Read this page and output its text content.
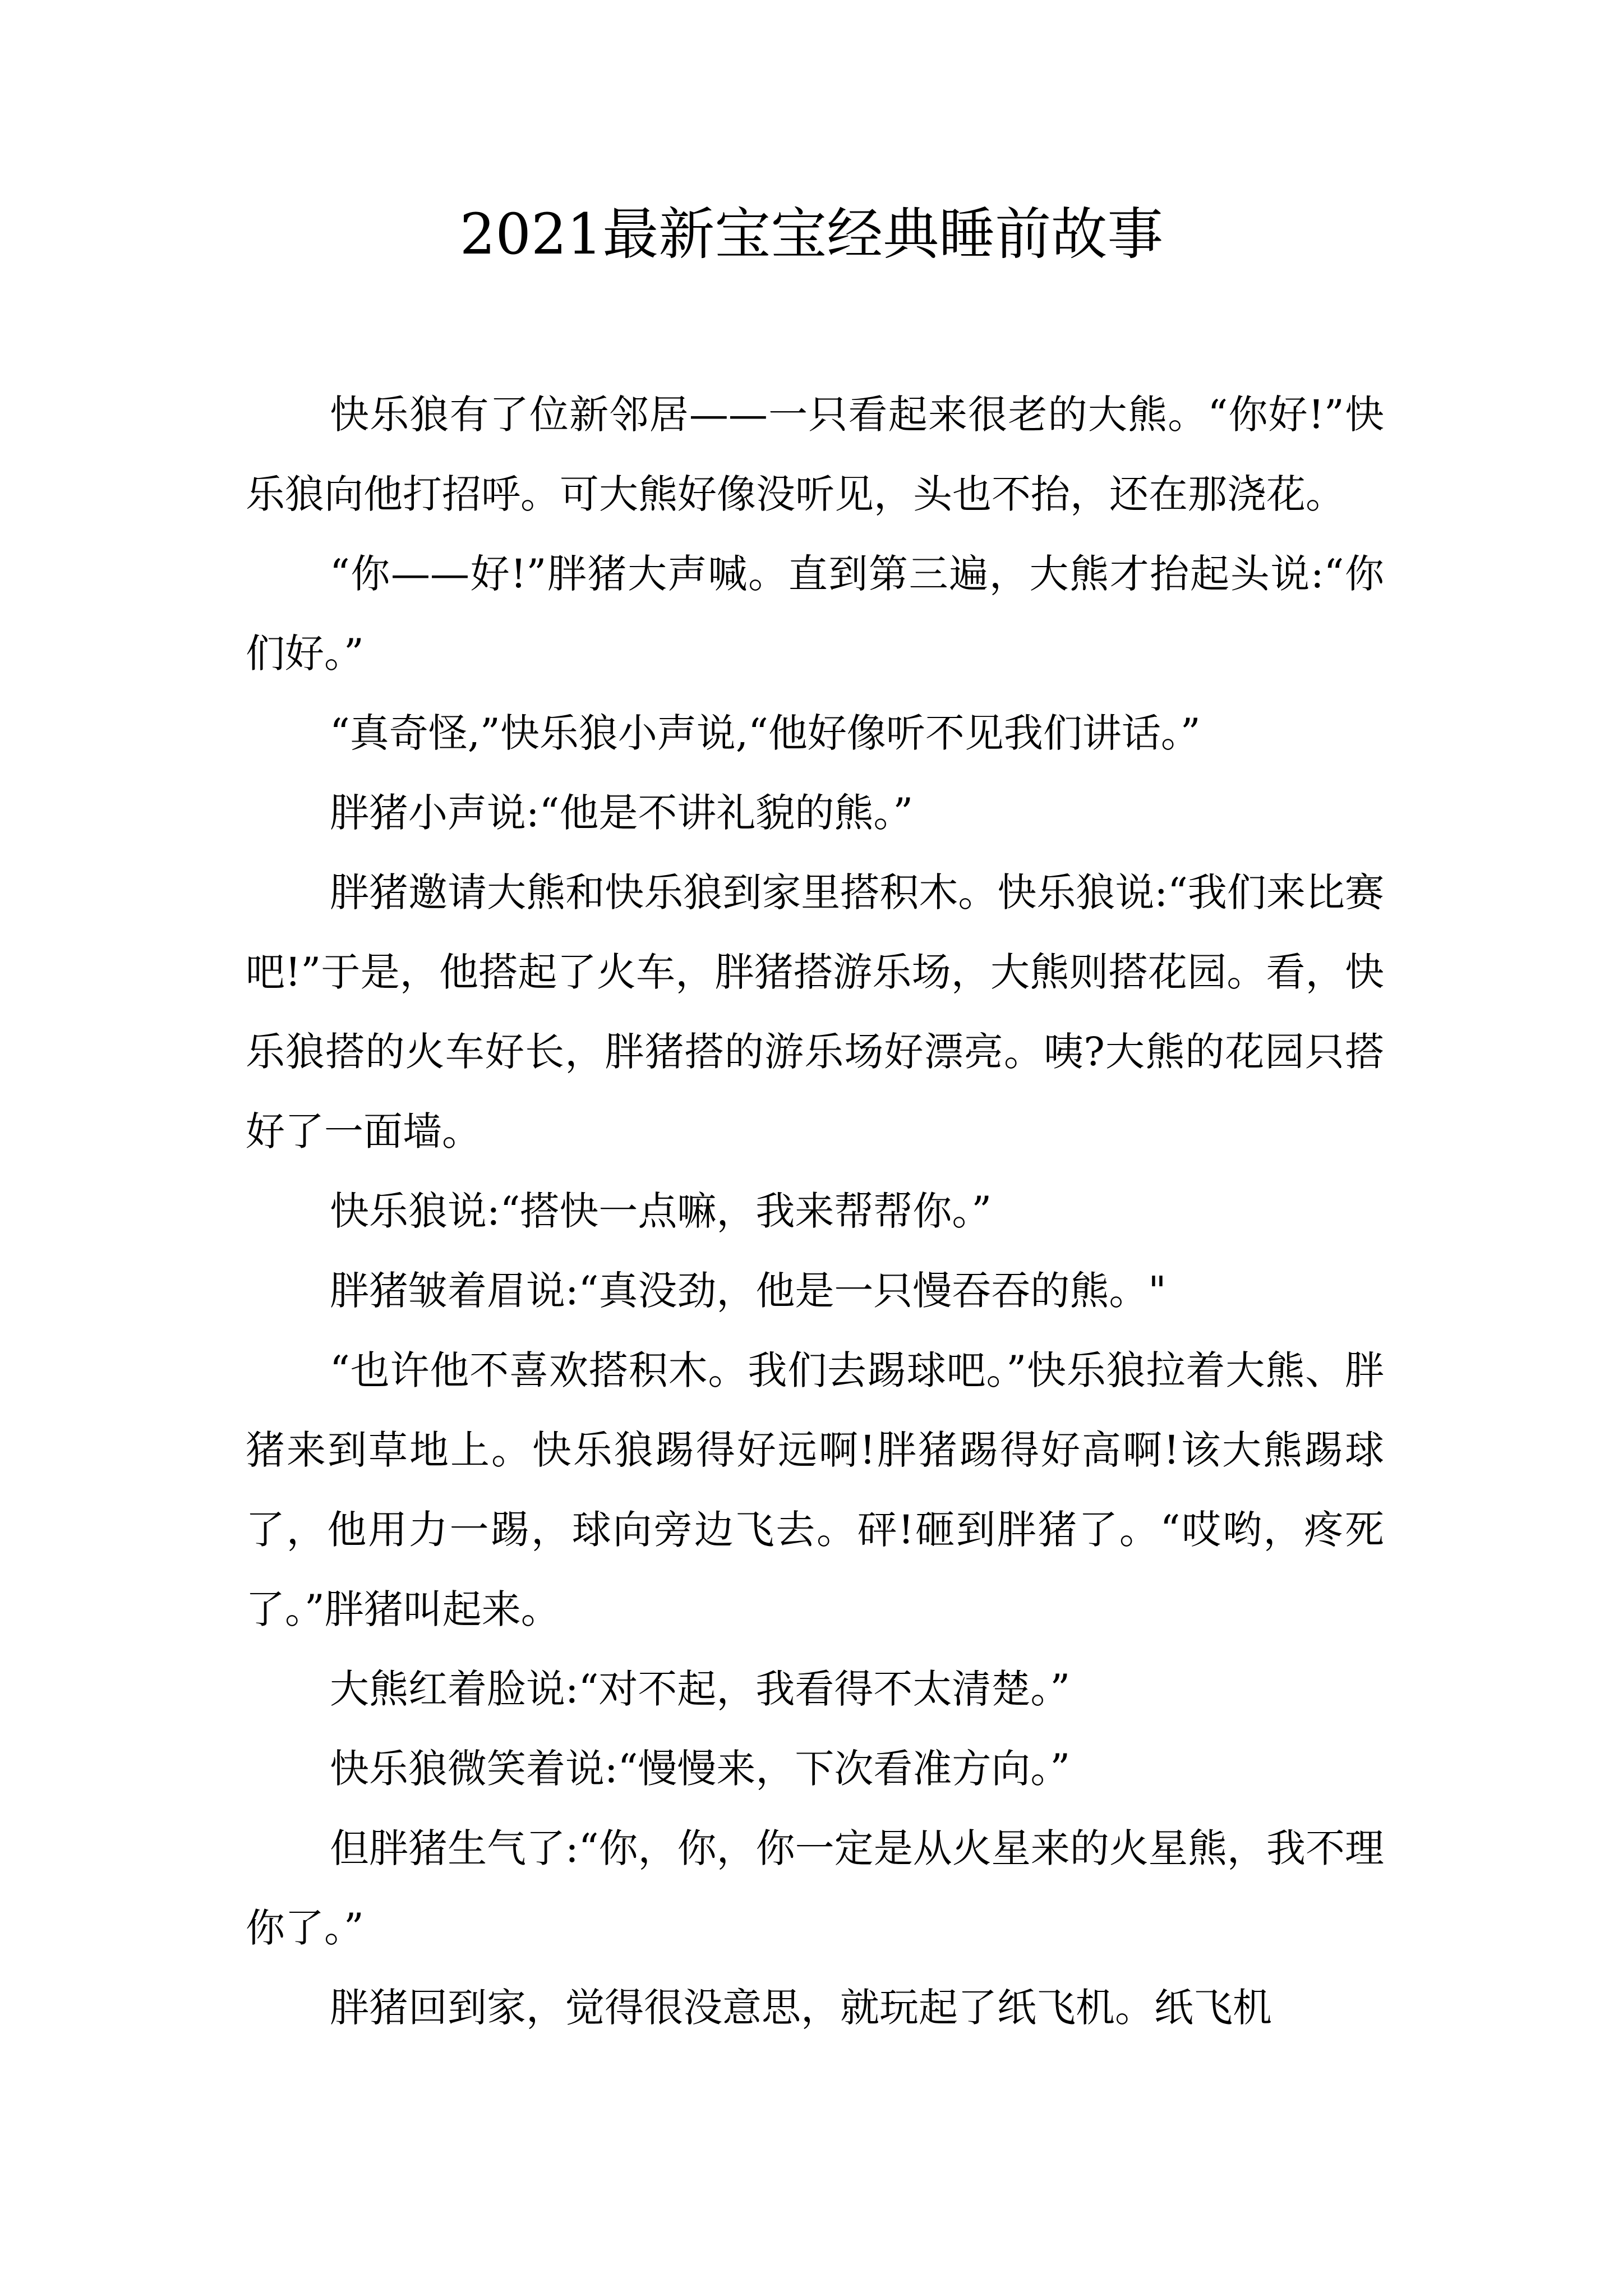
2021最新宝宝经典睡前故事

快乐狼有了位新邻居——一只看起来很老的大熊。“你好!”快乐狼向他打招呼。可大熊好像没听见，头也不抬，还在那浇花。

“你——好!”胖猪大声喊。直到第三遍，大熊才抬起头说:“你们好。”

“真奇怪,”快乐狼小声说,“他好像听不见我们讲话。”

胖猪小声说:“他是不讲礼貌的熊。”

胖猪邀请大熊和快乐狼到家里搭积木。快乐狼说:“我们来比赛吧!”于是，他搭起了火车，胖猪搭游乐场，大熊则搭花园。看，快乐狼搭的火车好长，胖猪搭的游乐场好漂亮。咦?大熊的花园只搭好了一面墙。

快乐狼说:“搭快一点嘛，我来帮帮你。”

胖猪皱着眉说:“真没劲，他是一只慢吞吞的熊。"

“也许他不喜欢搭积木。我们去踢球吧。”快乐狼拉着大熊、胖猪来到草地上。快乐狼踢得好远啊!胖猪踢得好高啊!该大熊踢球了，他用力一踢，球向旁边飞去。砰!砸到胖猪了。“哎哟，疼死了。”胖猪叫起来。

大熊红着脸说:“对不起，我看得不太清楚。”

快乐狼微笑着说:“慢慢来，下次看准方向。”

但胖猪生气了:“你，你，你一定是从火星来的火星熊，我不理你了。”

胖猪回到家，觉得很没意思，就玩起了纸飞机。纸飞机
